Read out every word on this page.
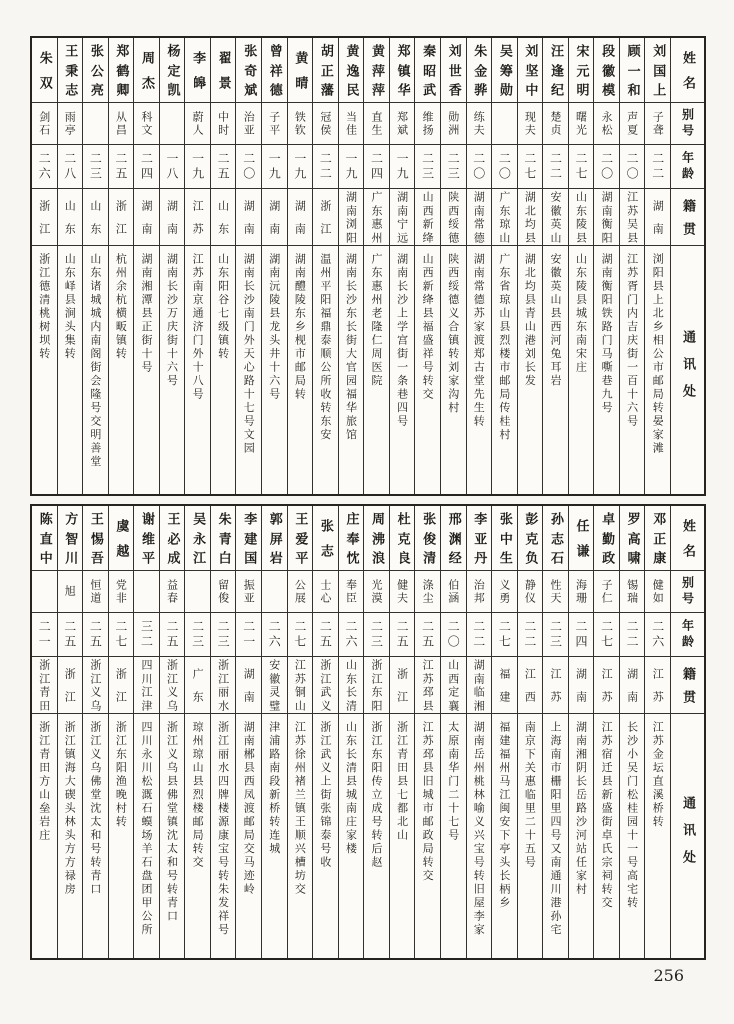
姓
名
别号
年龄
籍
贯
通
讯
处
刘
国
上
子聋
二二
湖
南
浏阳县上北乡相公市邮局转晏家滩
顾
一
和
声夏
二〇
江
苏
吴
县
江苏胥门内吉庆街一百十六号
段
徽
模
永松
二〇
湖
南
衡
阳
湖南衡阳铁路门马嘶巷九号
宋
元
明
曙光
二七
山
东
陵
县
山东陵县城东南宋庄
汪
逢
纪
楚贞
二二
安
徽
英
山
安徽英山县西河兔耳岩
刘
坚
中
现夫
二七
湖
北
均
县
湖北均县青山港刘长发
吴
筹
勋
二〇
广
东
琼
山
广东省琼山县烈楼市邮局传桂村
朱
金
骅
练夫
二〇
湖
南
常
德
湖南常德苏家渡郑古堂先生转
刘
世
香
勋洲
二三
陕
西
绥
德
陕西绥德义合镇转刘家沟村
秦
昭
武
维扬
二三
山
西
新
绛
山西新绛县福盛祥号转交
郑
镇
华
郑斌
一九
湖
南
宁
远
湖南长沙上学宫街一条巷四号
黄
萍
萍
直生
二四
广
东
惠
州
广东惠州老隆仁周医院
黄
逸
民
当佳
一九
湖
南
浏
阳
湖南长沙东长街大官园福华旅馆
胡
正
藩
冠侯
二二
浙
江
温州平阳福鼎泰顺公所收转东安
黄
晴
铁钦
一九
湖
南
湖南醴陵东乡枧市邮局转
曾
祥
德
子平
一九
湖
南
湖南沅陵县龙头井十六号
张
奇
斌
治亚
二〇
湖
南
湖南长沙南门外天心路十七号文园
翟
景
中时
二五
山
东
山东阳谷七级镇转
李
皞
蔚人
一九
江
苏
江苏南京通济门外十八号
杨
定
凯
一八
湖
南
湖南长沙万庆街十六号
周
杰
科文
二四
湖
南
湖南湘潭县正街十号
郑
鹤
卿
从昌
二五
浙
江
杭州余杭横畈镇转
张
公
亮
二三
山
东
山东诸城城内南阁街会隆号交明善堂
王
秉
志
雨亭
二八
山
东
山东峄县涧头集转
朱
双
剑石
二六
浙
江
浙江德清桃树坝转
姓
名
别号
年龄
籍
贯
通
讯
处
邓
正
康
健如
二六
江
苏
江苏金坛直溪桥转
罗
高
啸
锡瑞
二二
湖
南
长沙小吴门松桂园十一号高宅转
卓
勤
政
子仁
二七
江
苏
江苏宿迁县新盛街卓氏宗祠转交
任
谦
海珊
二四
湖
南
湖南湘阴长岳路沙河站任家村
孙
志
石
性天
二三
江
苏
上海南市栅阳里四号又南通川港孙宅
彭
克
负
静仪
二二
江
西
南京下关惠临里二十五号
张
中
生
义勇
二七
福
建
福建福州马江闽安下亭头长柄乡
李
亚
丹
治邦
二二
湖
南
临
湘
湖南岳州桃林喻义兴宝号转旧屋李家
邢
渊
经
伯涵
二〇
山
西
定
襄
太原南华门二十七号
张
俊
清
涤尘
二五
江
苏
邳
县
江苏邳县旧城市邮政局转交
杜
克
良
健夫
二五
浙
江
浙江青田县七都北山
周
沸
浪
光漠
二三
浙
江
东
阳
浙江东阳传立成号转后赵
庄
奉
忱
奉臣
二六
山
东
长
清
山东长清县城南庄家楼
张
志
士心
二五
浙
江
武
义
浙江武义上街张锦泰号收
王
爱
平
公展
二七
江
苏
铜
山
江苏徐州褚兰镇王顺兴槽坊交
郭
屏
岩
二六
安
徽
灵
璧
津浦路南段新桥转连城
李
建
国
振亚
二一
湖
南
湖南郴县西凤渡邮局交马迹岭
朱
青
白
留俊
二三
浙
江
丽
水
浙江丽水四牌楼源康宝号转朱发祥号
吴
永
江
二三
广
东
琼州琼山县烈楼邮局转交
王
必
成
益春
二五
浙
江
义
乌
浙江义乌县佛堂镇沈太和号转青口
谢
维
平
三二
四
川
江
津
四川永川松溉石蟆场羊石盘团甲公所
虞
越
党非
二七
浙
江
浙江东阳渔晚村转
王
惕
吾
恒道
二五
浙
江
义
乌
浙江义乌佛堂沈太和号转青口
方
智
川
旭
二五
浙
江
浙江镇海大碶头林头方方禄房
陈
直
中
二一
浙
江
青
田
浙江青田方山垒岩庄
256
